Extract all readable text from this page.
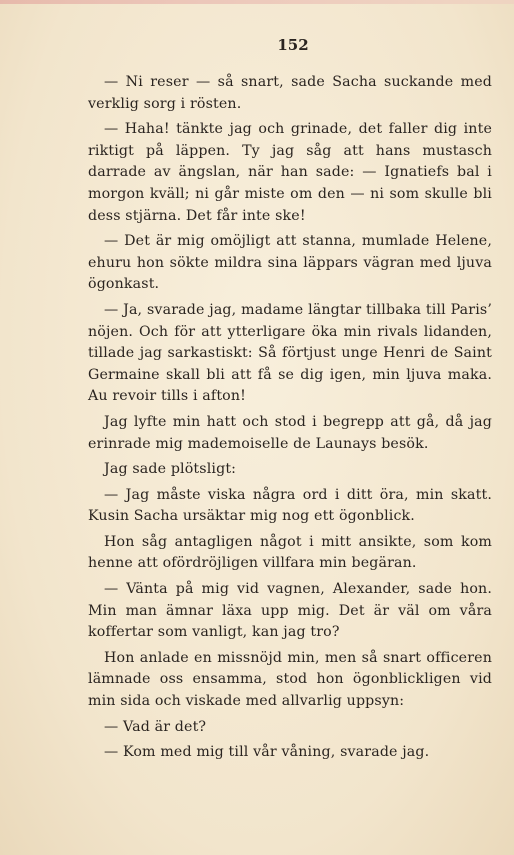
152

— Ni reser — så snart, sade Sacha suckande med verklig sorg i rösten.

— Haha! tänkte jag och grinade, det faller dig inte riktigt på läppen. Ty jag såg att hans mustasch darrade av ängslan, när han sade: — Ignatiefs bal i morgon kväll; ni går miste om den — ni som skulle bli dess stjärna. Det får inte ske!

— Det är mig omöjligt att stanna, mumlade Helene, ehuru hon sökte mildra sina läppars vägran med ljuva ögonkast.

— Ja, svarade jag, madame längtar tillbaka till Paris’ nöjen. Och för att ytterligare öka min rivals lidanden, tillade jag sarkastiskt: Så förtjust unge Henri de Saint Germaine skall bli att få se dig igen, min ljuva maka. Au revoir tills i afton!

Jag lyfte min hatt och stod i begrepp att gå, då jag erinrade mig mademoiselle de Launays besök.

Jag sade plötsligt:

— Jag måste viska några ord i ditt öra, min skatt. Kusin Sacha ursäktar mig nog ett ögonblick.

Hon såg antagligen något i mitt ansikte, som kom henne att ofördröjligen villfara min begäran.

— Vänta på mig vid vagnen, Alexander, sade hon. Min man ämnar läxa upp mig. Det är väl om våra koffertar som vanligt, kan jag tro?

Hon anlade en missnöjd min, men så snart officeren lämnade oss ensamma, stod hon ögonblickligen vid min sida och viskade med allvarlig uppsyn:

— Vad är det?

— Kom med mig till vår våning, svarade jag.
